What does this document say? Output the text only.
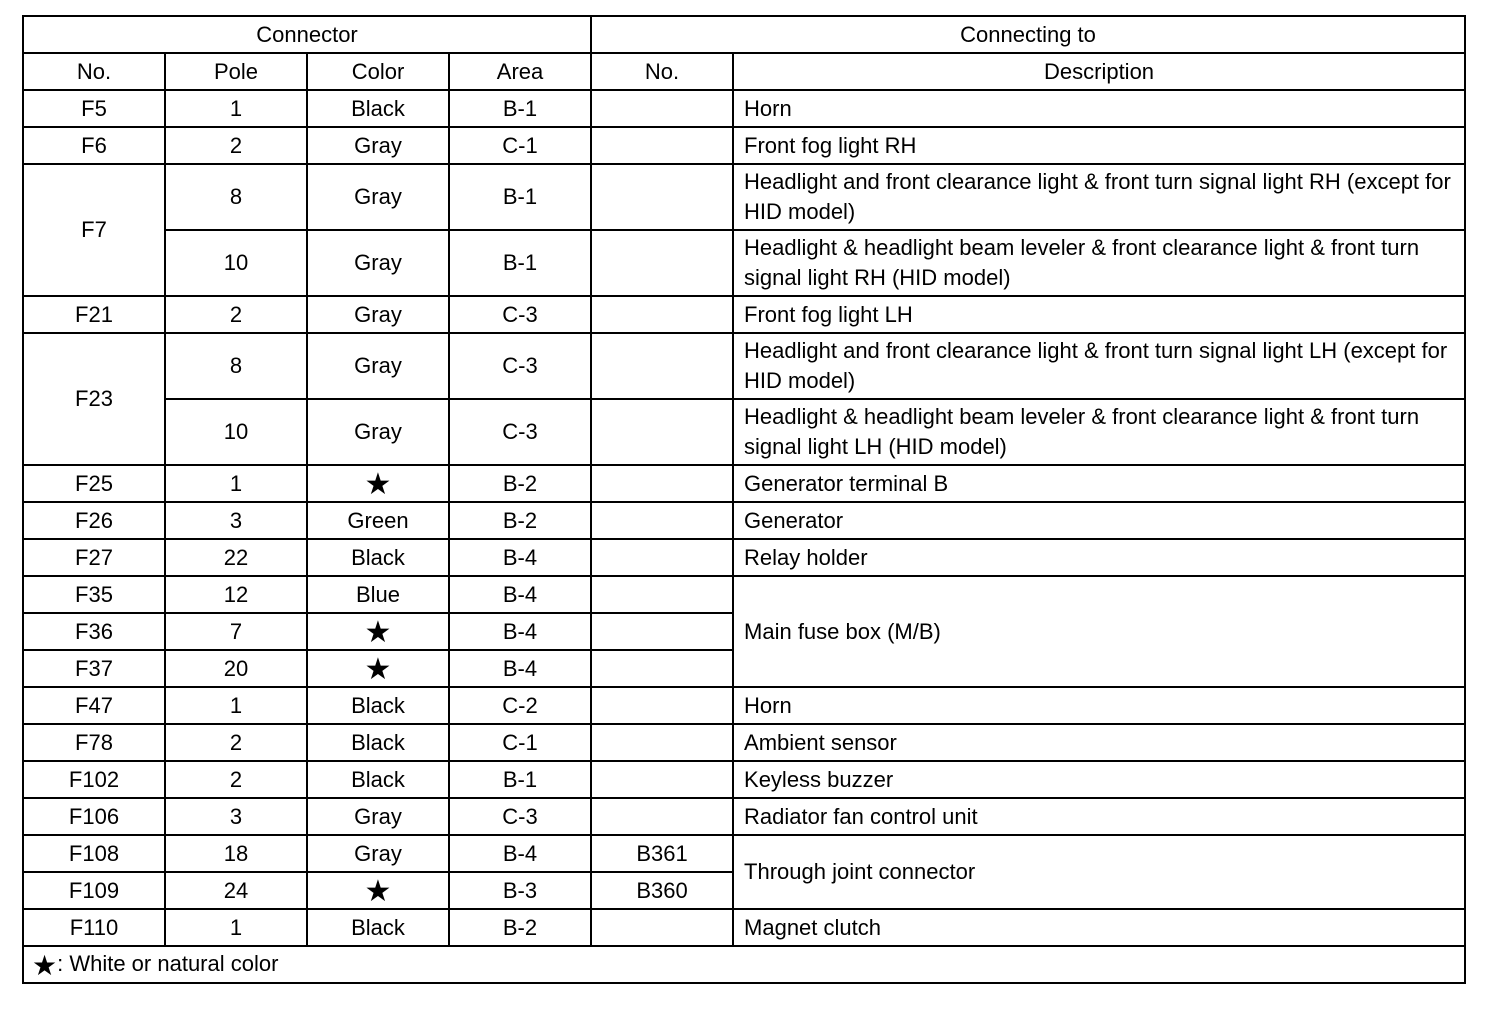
Connector				Connecting to	
No.	Pole	Color	Area	No.	Description
F5	1	Black	B-1		Horn
F6	2	Gray	C-1		Front fog light RH
F7	8	Gray	B-1		Headlight and front clearance light & front turn signal light RH (except for HID model)
	10	Gray	B-1		Headlight & headlight beam leveler & front clearance light & front turn signal light RH (HID model)
F21	2	Gray	C-3		Front fog light LH
F23	8	Gray	C-3		Headlight and front clearance light & front turn signal light LH (except for HID model)
	10	Gray	C-3		Headlight & headlight beam leveler & front clearance light & front turn signal light LH (HID model)
F25	1	★	B-2		Generator terminal B
F26	3	Green	B-2		Generator
F27	22	Black	B-4		Relay holder
F35	12	Blue	B-4		Main fuse box (M/B)
F36	7	★	B-4		
F37	20	★	B-4		
F47	1	Black	C-2		Horn
F78	2	Black	C-1		Ambient sensor
F102	2	Black	B-1		Keyless buzzer
F106	3	Gray	C-3		Radiator fan control unit
F108	18	Gray	B-4	B361	Through joint connector
F109	24	★	B-3	B360	
F110	1	Black	B-2		Magnet clutch
★: White or natural color					
